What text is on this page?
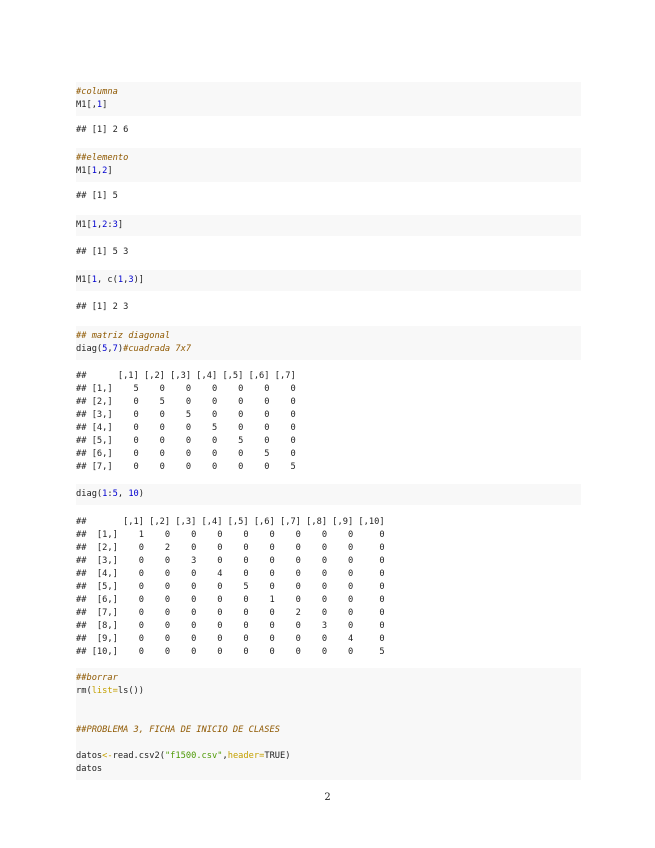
#columna
M1[,1]
## [1] 2 6
##elemento
M1[1,2]
## [1] 5
M1[1,2:3]
## [1] 5 3
M1[1, c(1,3)]
## [1] 2 3
## matriz diagonal
diag(5,7)#cuadrada 7x7
##      [,1] [,2] [,3] [,4] [,5] [,6] [,7]
## [1,]    5    0    0    0    0    0    0
## [2,]    0    5    0    0    0    0    0
## [3,]    0    0    5    0    0    0    0
## [4,]    0    0    0    5    0    0    0
## [5,]    0    0    0    0    5    0    0
## [6,]    0    0    0    0    0    5    0
## [7,]    0    0    0    0    0    0    5
diag(1:5, 10)
##       [,1] [,2] [,3] [,4] [,5] [,6] [,7] [,8] [,9] [,10]
##  [1,]    1    0    0    0    0    0    0    0    0     0
##  [2,]    0    2    0    0    0    0    0    0    0     0
##  [3,]    0    0    3    0    0    0    0    0    0     0
##  [4,]    0    0    0    4    0    0    0    0    0     0
##  [5,]    0    0    0    0    5    0    0    0    0     0
##  [6,]    0    0    0    0    0    1    0    0    0     0
##  [7,]    0    0    0    0    0    0    2    0    0     0
##  [8,]    0    0    0    0    0    0    0    3    0     0
##  [9,]    0    0    0    0    0    0    0    0    4     0
## [10,]    0    0    0    0    0    0    0    0    0     5
##borrar
rm(list=ls())
##PROBLEMA 3, FICHA DE INICIO DE CLASES
datos<-read.csv2("f1500.csv",header=TRUE)
datos
2
